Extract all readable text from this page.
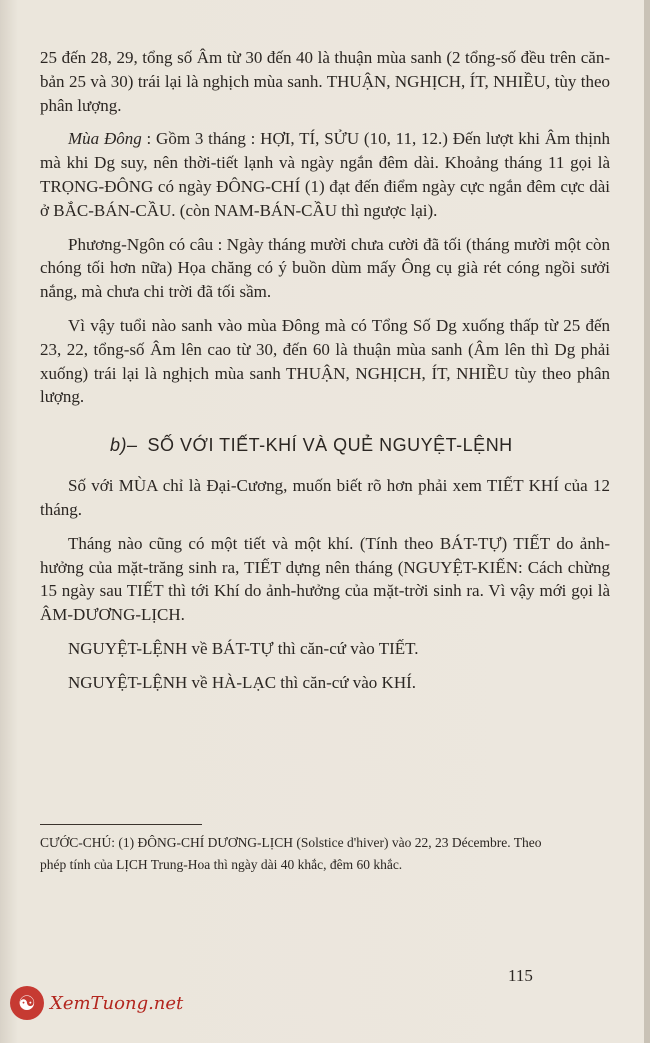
25 đến 28, 29, tổng số Âm từ 30 đến 40 là thuận mùa sanh (2 tổng-số đều trên căn-bản 25 và 30) trái lại là nghịch mùa sanh. THUẬN, NGHỊCH, ÍT, NHIỀU, tùy theo phân lượng.

Mùa Đông : Gồm 3 tháng : HỢI, TÍ, SỬU (10, 11, 12.) Đến lượt khi Âm thịnh mà khi Dg suy, nên thời-tiết lạnh và ngày ngắn đêm dài. Khoảng tháng 11 gọi là TRỌNG-ĐÔNG có ngày ĐÔNG-CHÍ (1) đạt đến điểm ngày cực ngắn đêm cực dài ở BẮC-BÁN-CẦU. (còn NAM-BÁN-CẦU thì ngược lại).

Phương-Ngôn có câu : Ngày tháng mười chưa cười đã tối (tháng mười một còn chóng tối hơn nữa) Họa chăng có ý buồn dùm mấy Ông cụ già rét cóng ngồi sưởi nắng, mà chưa chi trời đã tối sầm.

Vì vậy tuổi nào sanh vào mùa Đông mà có Tổng Số Dg xuống thấp từ 25 đến 23, 22, tổng-số Âm lên cao từ 30, đến 60 là thuận mùa sanh (Âm lên thì Dg phải xuống) trái lại là nghịch mùa sanh THUẬN, NGHỊCH, ÍT, NHIỀU tùy theo phân lượng.

b)– SỐ VỚI TIẾT-KHÍ VÀ QUẺ NGUYỆT-LỆNH

Số với MÙA chỉ là Đại-Cương, muốn biết rõ hơn phải xem TIẾT KHÍ của 12 tháng.

Tháng nào cũng có một tiết và một khí. (Tính theo BÁT-TỰ) TIẾT do ảnh-hưởng của mặt-trăng sinh ra, TIẾT dựng nên tháng (NGUYỆT-KIẾN: Cách chừng 15 ngày sau TIẾT thì tới Khí do ảnh-hưởng của mặt-trời sinh ra. Vì vậy mới gọi là ÂM-DƯƠNG-LỊCH.

NGUYỆT-LỆNH về BÁT-TỰ thì căn-cứ vào TIẾT.

NGUYỆT-LỆNH về HÀ-LẠC thì căn-cứ vào KHÍ.

CƯỚC-CHÚ: (1) ĐÔNG-CHÍ DƯƠNG-LỊCH (Solstice d'hiver) vào 22, 23 Décembre. Theo phép tính của LỊCH Trung-Hoa thì ngày dài 40 khắc, đêm 60 khắc.
115
☯ XemTuong.net
